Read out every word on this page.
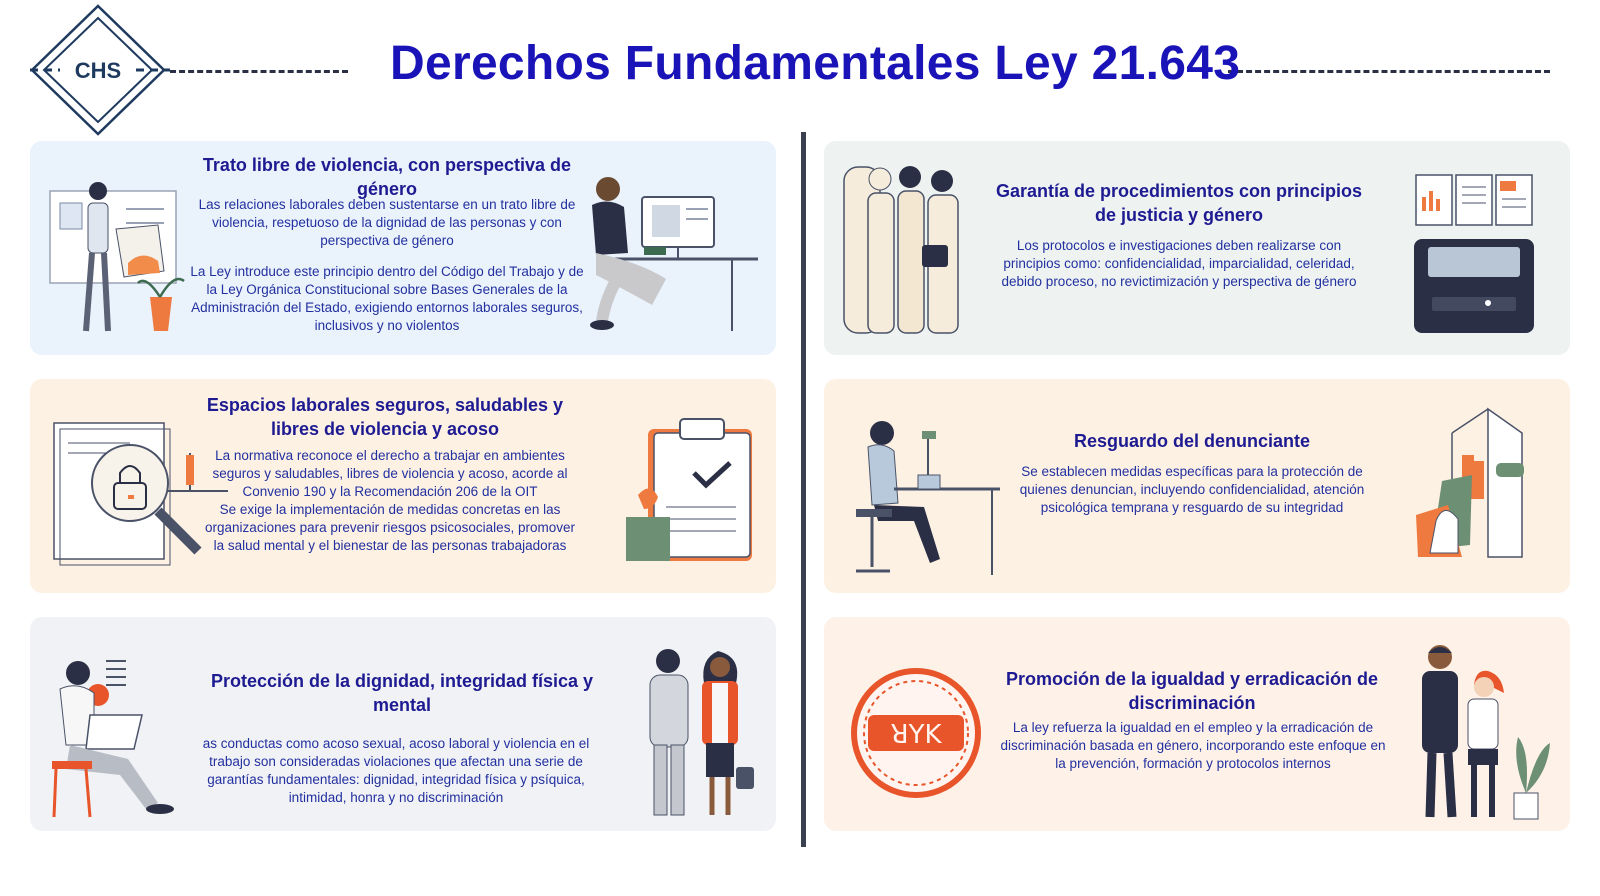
CHS	Derechos Fundamentales Ley 21.643
Trato libre de violencia, con perspectiva de género

Las relaciones laborales deben sustentarse en un trato libre de violencia, respetuoso de la dignidad de las personas y con perspectiva de género

La Ley introduce este principio dentro del Código del Trabajo y de la Ley Orgánica Constitucional sobre Bases Generales de la Administración del Estado, exigiendo entornos laborales seguros, inclusivos y no violentos

Garantía de procedimientos con principios de justicia y género

Los protocolos e investigaciones deben realizarse con principios como: confidencialidad, imparcialidad, celeridad, debido proceso, no revictimización y perspectiva de género

Espacios laborales seguros, saludables y libres de violencia y acoso

La normativa reconoce el derecho a trabajar en ambientes seguros y saludables, libres de violencia y acoso, acorde al Convenio 190 y la Recomendación 206 de la OIT

Se exige la implementación de medidas concretas en las organizaciones para prevenir riesgos psicosociales, promover la salud mental y el bienestar de las personas trabajadoras

Resguardo del denunciante

Se establecen medidas específicas para la protección de quienes denuncian, incluyendo confidencialidad, atención psicológica temprana y resguardo de su integridad

Protección de la dignidad, integridad física y mental

as conductas como acoso sexual, acoso laboral y violencia en el trabajo son consideradas violaciones que afectan una serie de garantías fundamentales: dignidad, integridad física y psíquica, intimidad, honra y no discriminación

ꓤYK
Promoción de la igualdad y erradicación de discriminación

La ley refuerza la igualdad en el empleo y la erradicación de discriminación basada en género, incorporando este enfoque en la prevención, formación y protocolos internos
